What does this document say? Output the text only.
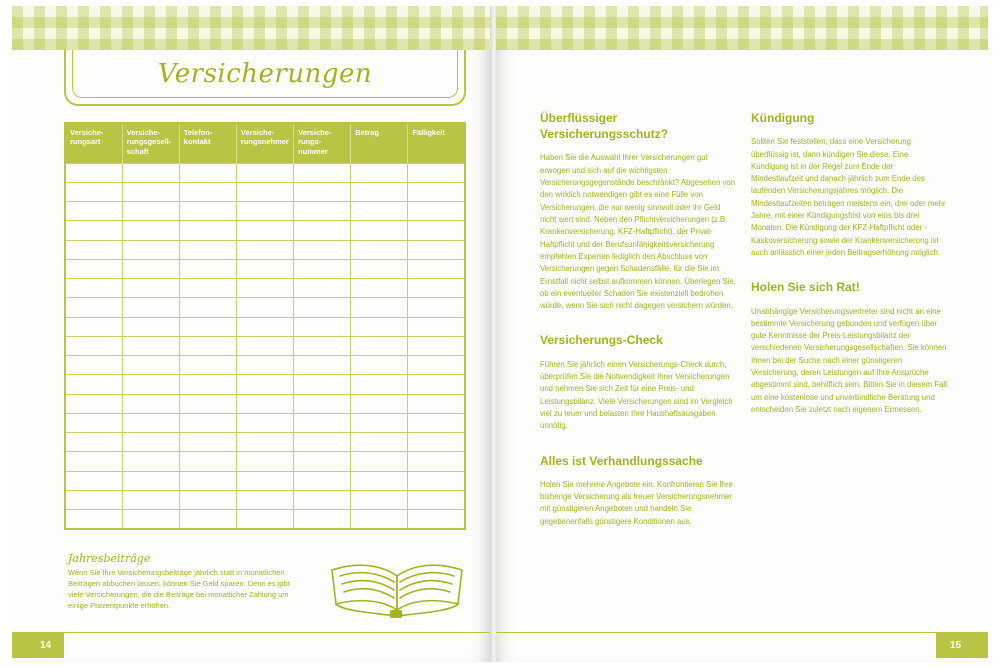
Versicherungen
Versiche-rungsart	Versiche-rungsgesell-schaft	Telefon-kontakt	Versiche-rungsnehmer	Versiche-rungs-nummer	Betrag	Fälligkeit

Jahresbeiträge
Wenn Sie Ihre Versicherungsbeiträge jährlich statt in monatlichen Beiträgen abbuchen lassen, können Sie Geld sparen. Denn es gibt viele Versicherungen, die die Beiträge bei monatlicher Zahlung um einige Prozentpunkte erhöhen.
14
Überflüssiger Versicherungsschutz?
Haben Sie die Auswahl Ihrer Versicherungen gut erwogen und sich auf die wichtigsten Versicherungsgegenstände beschränkt? Abgesehen von den wirklich notwendigen gibt es eine Fülle von Versicherungen, die nur wenig sinnvoll oder ihr Geld nicht wert sind. Neben den Pflichtversicherungen (z.B. Krankenversicherung, KFZ-Haftpflicht), der Privat-Haftpflicht und der Berufsunfähigkeitsversicherung empfehlen Experten lediglich den Abschluss von Versicherungen gegen Schadensfälle, für die Sie im Ernstfall nicht selbst aufkommen können. Überlegen Sie, ob ein eventueller Schaden Sie existenziell bedrohen würde, wenn Sie sich nicht dagegen versichern würden.
Versicherungs-Check
Führen Sie jährlich einen Versicherungs-Check durch, überprüfen Sie die Notwendigkeit Ihrer Versicherungen und nehmen Sie sich Zeit für eine Preis- und Leistungsbilanz. Viele Versicherungen sind im Vergleich viel zu teuer und belasten Ihre Haushaltsausgaben unnötig.
Alles ist Verhandlungssache
Holen Sie mehrere Angebote ein. Konfrontieren Sie Ihre bisherige Versicherung als treuer Versicherungsnehmer mit günstigeren Angeboten und handeln Sie gegebenenfalls günstigere Konditionen aus.
Kündigung
Sollten Sie feststellen, dass eine Versicherung überflüssig ist, dann kündigen Sie diese. Eine Kündigung ist in der Regel zum Ende der Mindestlaufzeit und danach jährlich zum Ende des laufenden Versicherungsjahres möglich. Die Mindestlaufzeiten betragen meistens ein, drei oder mehr Jahre, mit einer Kündigungsfrist von eins bis drei Monaten. Die Kündigung der KFZ-Haftpflicht oder -Kaskoversicherung sowie der Krankenversicherung ist auch anlässlich einer jeden Beitragserhöhung möglich.
Holen Sie sich Rat!
Unabhängige Versicherungsvertreter sind nicht an eine bestimmte Versicherung gebunden und verfügen über gute Kenntnisse der Preis-Leistungsbilanz der verschiedenen Versicherungsgesellschaften. Sie können Ihnen bei der Suche nach einer günstigeren Versicherung, deren Leistungen auf Ihre Ansprüche abgestimmt sind, behilflich sein. Bitten Sie in diesem Fall um eine kostenlose und unverbindliche Beratung und entscheiden Sie zuletzt nach eigenem Ermessen.
15
